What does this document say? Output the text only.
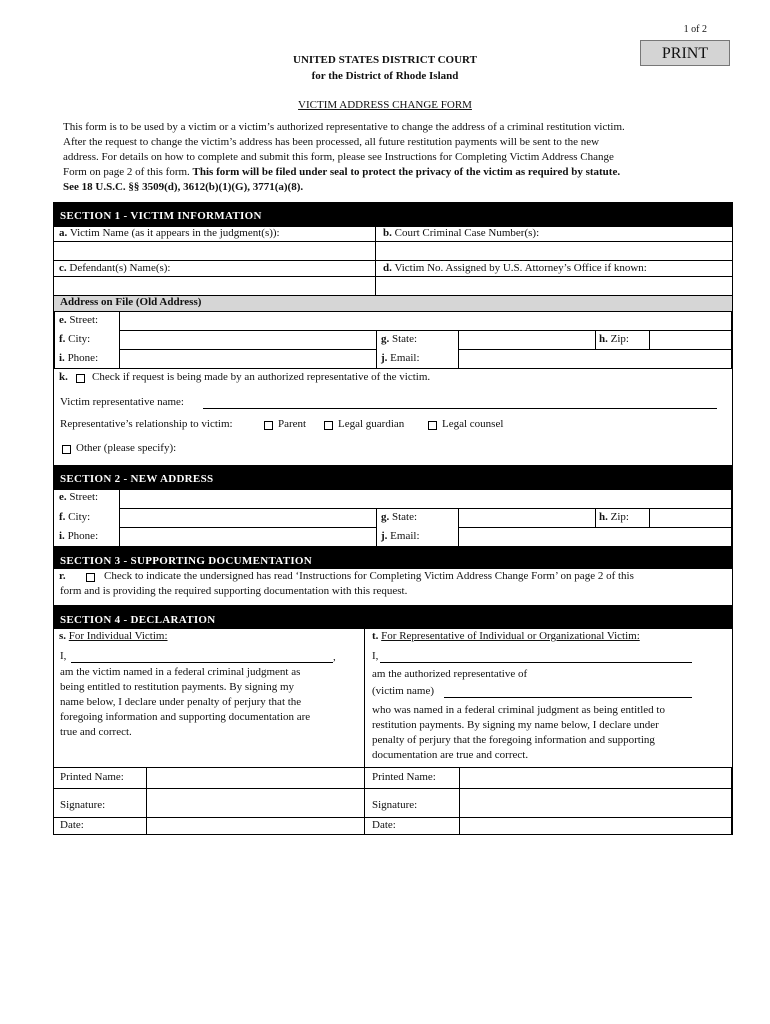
1 of 2
PRINT
UNITED STATES DISTRICT COURT
for the District of Rhode Island
VICTIM ADDRESS CHANGE FORM
This form is to be used by a victim or a victim’s authorized representative to change the address of a criminal restitution victim.
After the request to change the victim’s address has been processed, all future restitution payments will be sent to the new
address. For details on how to complete and submit this form, please see Instructions for Completing Victim Address Change
Form on page 2 of this form. This form will be filed under seal to protect the privacy of the victim as required by statute.
See 18 U.S.C. §§ 3509(d), 3612(b)(1)(G), 3771(a)(8).
SECTION 1 - VICTIM INFORMATION
a. Victim Name (as it appears in the judgment(s)):	b. Court Criminal Case Number(s):
c. Defendant(s) Name(s):	d. Victim No. Assigned by U.S. Attorney’s Office if known:
Address on File (Old Address)
e. Street:
f. City:	g. State:	h. Zip:
i. Phone:	j. Email:
k. Check if request is being made by an authorized representative of the victim.
Victim representative name:
Representative’s relationship to victim:	Parent	Legal guardian	Legal counsel
Other (please specify):
SECTION 2 - NEW ADDRESS
e. Street:
f. City:	g. State:	h. Zip:
i. Phone:	j. Email:
SECTION 3 - SUPPORTING DOCUMENTATION
r.	Check to indicate the undersigned has read ‘Instructions for Completing Victim Address Change Form’ on page 2 of this
form and is providing the required supporting documentation with this request.
SECTION 4 - DECLARATION
s. For Individual Victim:
I,	,
am the victim named in a federal criminal judgment as
being entitled to restitution payments. By signing my
name below, I declare under penalty of perjury that the
foregoing information and supporting documentation are
true and correct.
t. For Representative of Individual or Organizational Victim:
I,
am the authorized representative of
(victim name)
who was named in a federal criminal judgment as being entitled to
restitution payments. By signing my name below, I declare under
penalty of perjury that the foregoing information and supporting
documentation are true and correct.
Printed Name:	Printed Name:
Signature:	Signature:
Date:	Date:
